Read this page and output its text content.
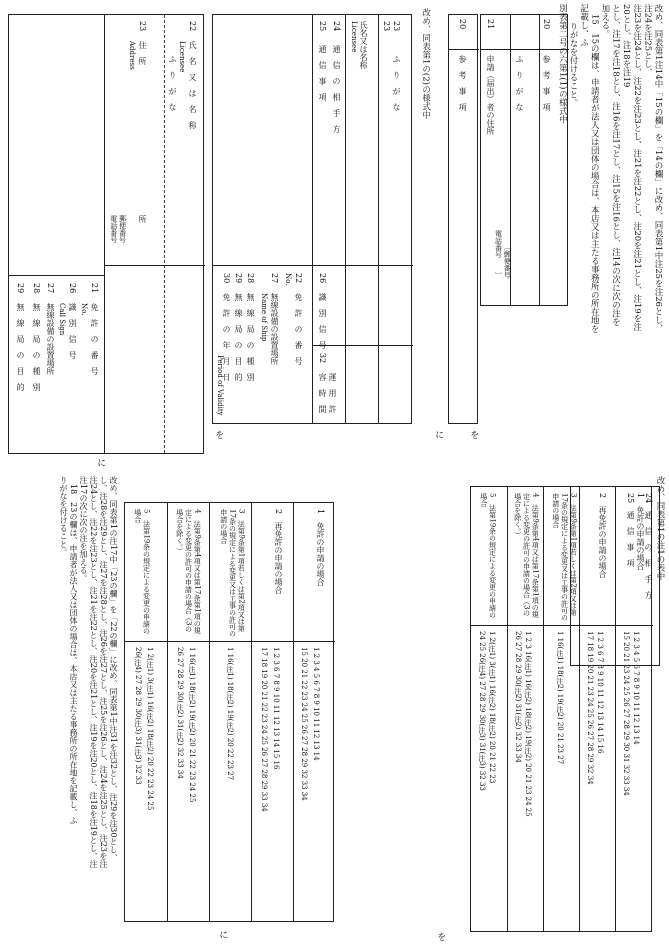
改め、同表第1注14中「15の欄」を「14の欄」に改め、同表第1中注25を注26とし、注24を注25とし、
注23を注24とし、注22を注23とし、注21を注22とし、注20を注21とし、注19を注20とし、注18を注19
とし、注17を注18とし、注16を注17とし、注15を注16とし、注14の次に次の注を加える。
15　15の欄は、申請者が法人又は団体の場合は、本店又は主たる事務所の所在地を記載し、ふ
りがなを付けること。
別表第二号の六第1(1)の様式中
20
参　考　事　項
ふ　り　が　な
21
申請（届出）者の住所

〔郵便番号
電話番号　　〕

を
20
参　考　事　項
に
改め、同表第1の(2)の様式中
23
ふ　り　が　な
23
氏名又は名称
Licensee
24
通　信　の　相　手　方
25
通　信　事　項
26
識　別　信　号
32
運　用　許　容　時　間
22
免　許　の　番　号
No.
27
無線設備の設置場所
Name of Ship
28
無　線　局　の　種　別
29
無　線　局　の　目　的
30
免　許　の　年　月　日
Period of Validity
を
22
氏　名　又　は　名　称
Licensee
ふ　り　が　な
23
住　所
Address
所
郵便番号
電話番号
21
免　許　の　番　号
No.
26
識　別　信　号
Call Sign
27
無線設備の設置場所
28
無　線　局　の　種　別
29
無　線　局　の　目　的
に
改め、同表第1の注1の表中
1　免許の申請の場合
1 2 3 4 5 6 7 8 9 10 11 12 13 14
15 20 21 23 24 25 26 27 28 29 30 31 32 33 34
2　再免許の申請の場合
1 2 3 6 7 8 9 10 11 12 13 14 15 16
17 18 19 20 21 23 24 25 26 27 28 29 32 34
3　法第9条第1項若しくは第2項又は第17条の規定による変更又は工事の許可の申請の場合
1 16(注1) 18(注2) 19(注2) 20 21 23 27
4　法第9条第4項又は第17条第1項の規定による変更の許可の申請の場合（3の場合を除く。）
1 2 3 16(注1) 16(注2) 18(注2) 19(注2) 20 21 23 24 25
26 27 28 29 30(注2) 31(注2) 32 33 34
5　法第19条の規定による変更の申請の場合
1 2(注1) 3(注1) 16(注2) 18(注2) 20 21 22 23
24 25 26(注4) 27 28 29 30(注3) 31(注3) 32 33
を
1　免許の申請の場合
1 2 3 4 5 6 7 8 9 10 11 12 13 14
15 20 21 22 23 24 25 26 27 28 29 32 33 34
2　再免許の申請の場合
1 2 3 6 7 8 9 10 11 12 13 14 15 16
17 18 19 20 21 22 23 24 25 26 27 28 29 33 34
3　法第9条第1項若しくは第2項又は第17条の規定による変更又は工事の許可の申請の場合
1 16(注1) 18(注2) 19(注2) 20 22 23 27
4　法第9条第4項又は第17条第1項の規定による変更の許可の申請の場合（3の場合を除く。）
1 16(注1) 18(注2) 19(注2) 20 21 22 23 24 25
26 27 28 29 30(注2) 31(注2) 32 33 34
5　法第19条の規定による変更の申請の場合
1 2(注1) 3(注1) 16(注2) 18(注2) 20 22 23 24 25
26(注4) 27 28 29 30(注3) 31(注3) 32 33
に
24
通　信　の　相　手　方
25
通　信　事　項
改め、同表第1の注17中「23の欄」を「22の欄」に改め、同表第1中注31を注32とし、注29を注30とし、
し、注28を注29とし、注27を注28とし、注26を注27とし、注25を注26とし、注24を注25とし、注23を注
注24とし、注22を注23とし、注21を注22とし、注20を注21とし、注19を注20とし、注18を注19とし、注
注17の次に次の注を加える。
18　23の欄は、申請者が法人又は団体の場合は、本店又は主たる事務所の所在地を記載し、ふ
りがなを付けること。
